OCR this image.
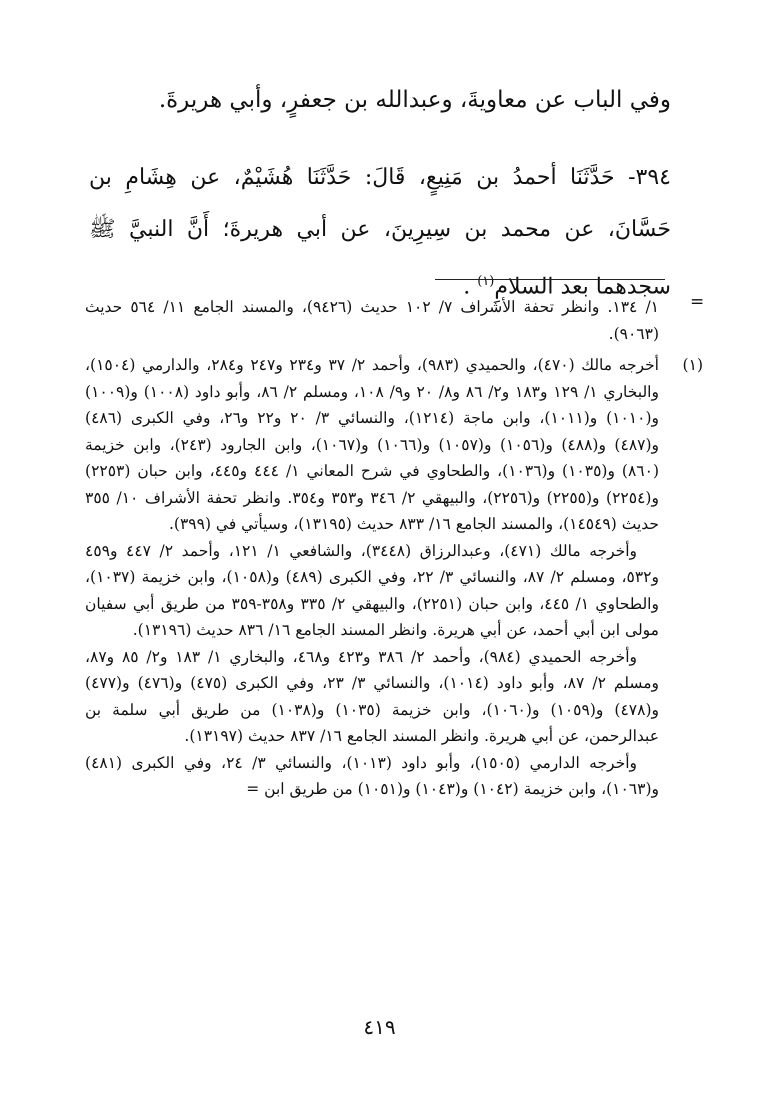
وفي الباب عن معاويةَ، وعبدالله بن جعفرٍ، وأبي هريرةَ.
٣٩٤- حَدَّثَنَا أحمدُ بن مَنِيعٍ، قَالَ: حَدَّثَنَا هُشَيْمٌ، عن هِشَامِ بن حَسَّانَ، عن محمد بن سِيرِينَ، عن أبي هريرةَ؛ أَنَّ النبيَّ ﷺ سجدهما بعد السلامِ$^{(١)}$ .
=
١/ ١٣٤. وانظر تحفة الأشراف ٧/ ١٠٢ حديث (٩٤٢٦)، والمسند الجامع ١١/ ٥٦٤ حديث (٩٠٦٣).
(١)

أخرجه مالك (٤٧٠)، والحميدي (٩٨٣)، وأحمد ٢/ ٣٧ و٢٣٤ و٢٤٧ و٢٨٤، والدارمي (١٥٠٤)، والبخاري ١/ ١٢٩ و١٨٣ و٢/ ٨٦ و٨/ ٢٠ و٩/ ١٠٨، ومسلم ٢/ ٨٦، وأبو داود (١٠٠٨) و(١٠٠٩) و(١٠١٠) و(١٠١١)، وابن ماجة (١٢١٤)، والنسائي ٣/ ٢٠ و٢٢ و٢٦، وفي الكبرى (٤٨٦) و(٤٨٧) و(٤٨٨) و(١٠٥٦) و(١٠٥٧) و(١٠٦٦) و(١٠٦٧)، وابن الجارود (٢٤٣)، وابن خزيمة (٨٦٠) و(١٠٣٥) و(١٠٣٦)، والطحاوي في شرح المعاني ١/ ٤٤٤ و٤٤٥، وابن حبان (٢٢٥٣) و(٢٢٥٤) و(٢٢٥٥) و(٢٢٥٦)، والبيهقي ٢/ ٣٤٦ و٣٥٣ و٣٥٤. وانظر تحفة الأشراف ١٠/ ٣٥٥ حديث (١٤٥٤٩)، والمسند الجامع ١٦/ ٨٣٣ حديث (١٣١٩٥)، وسيأتي في (٣٩٩).

وأخرجه مالك (٤٧١)، وعبدالرزاق (٣٤٤٨)، والشافعي ١/ ١٢١، وأحمد ٢/ ٤٤٧ و٤٥٩ و٥٣٢، ومسلم ٢/ ٨٧، والنسائي ٣/ ٢٢، وفي الكبرى (٤٨٩) و(١٠٥٨)، وابن خزيمة (١٠٣٧)، والطحاوي ١/ ٤٤٥، وابن حبان (٢٢٥١)، والبيهقي ٢/ ٣٣٥ و٣٥٨-٣٥٩ من طريق أبي سفيان مولى ابن أبي أحمد، عن أبي هريرة. وانظر المسند الجامع ١٦/ ٨٣٦ حديث (١٣١٩٦).

وأخرجه الحميدي (٩٨٤)، وأحمد ٢/ ٣٨٦ و٤٢٣ و٤٦٨، والبخاري ١/ ١٨٣ و٢/ ٨٥ و٨٧، ومسلم ٢/ ٨٧، وأبو داود (١٠١٤)، والنسائي ٣/ ٢٣، وفي الكبرى (٤٧٥) و(٤٧٦) و(٤٧٧) و(٤٧٨) و(١٠٥٩) و(١٠٦٠)، وابن خزيمة (١٠٣٥) و(١٠٣٨) من طريق أبي سلمة بن عبدالرحمن، عن أبي هريرة. وانظر المسند الجامع ١٦/ ٨٣٧ حديث (١٣١٩٧).

وأخرجه الدارمي (١٥٠٥)، وأبو داود (١٠١٣)، والنسائي ٣/ ٢٤، وفي الكبرى (٤٨١) و(١٠٦٣)، وابن خزيمة (١٠٤٢) و(١٠٤٣) و(١٠٥١) من طريق ابن =

٤١٩
